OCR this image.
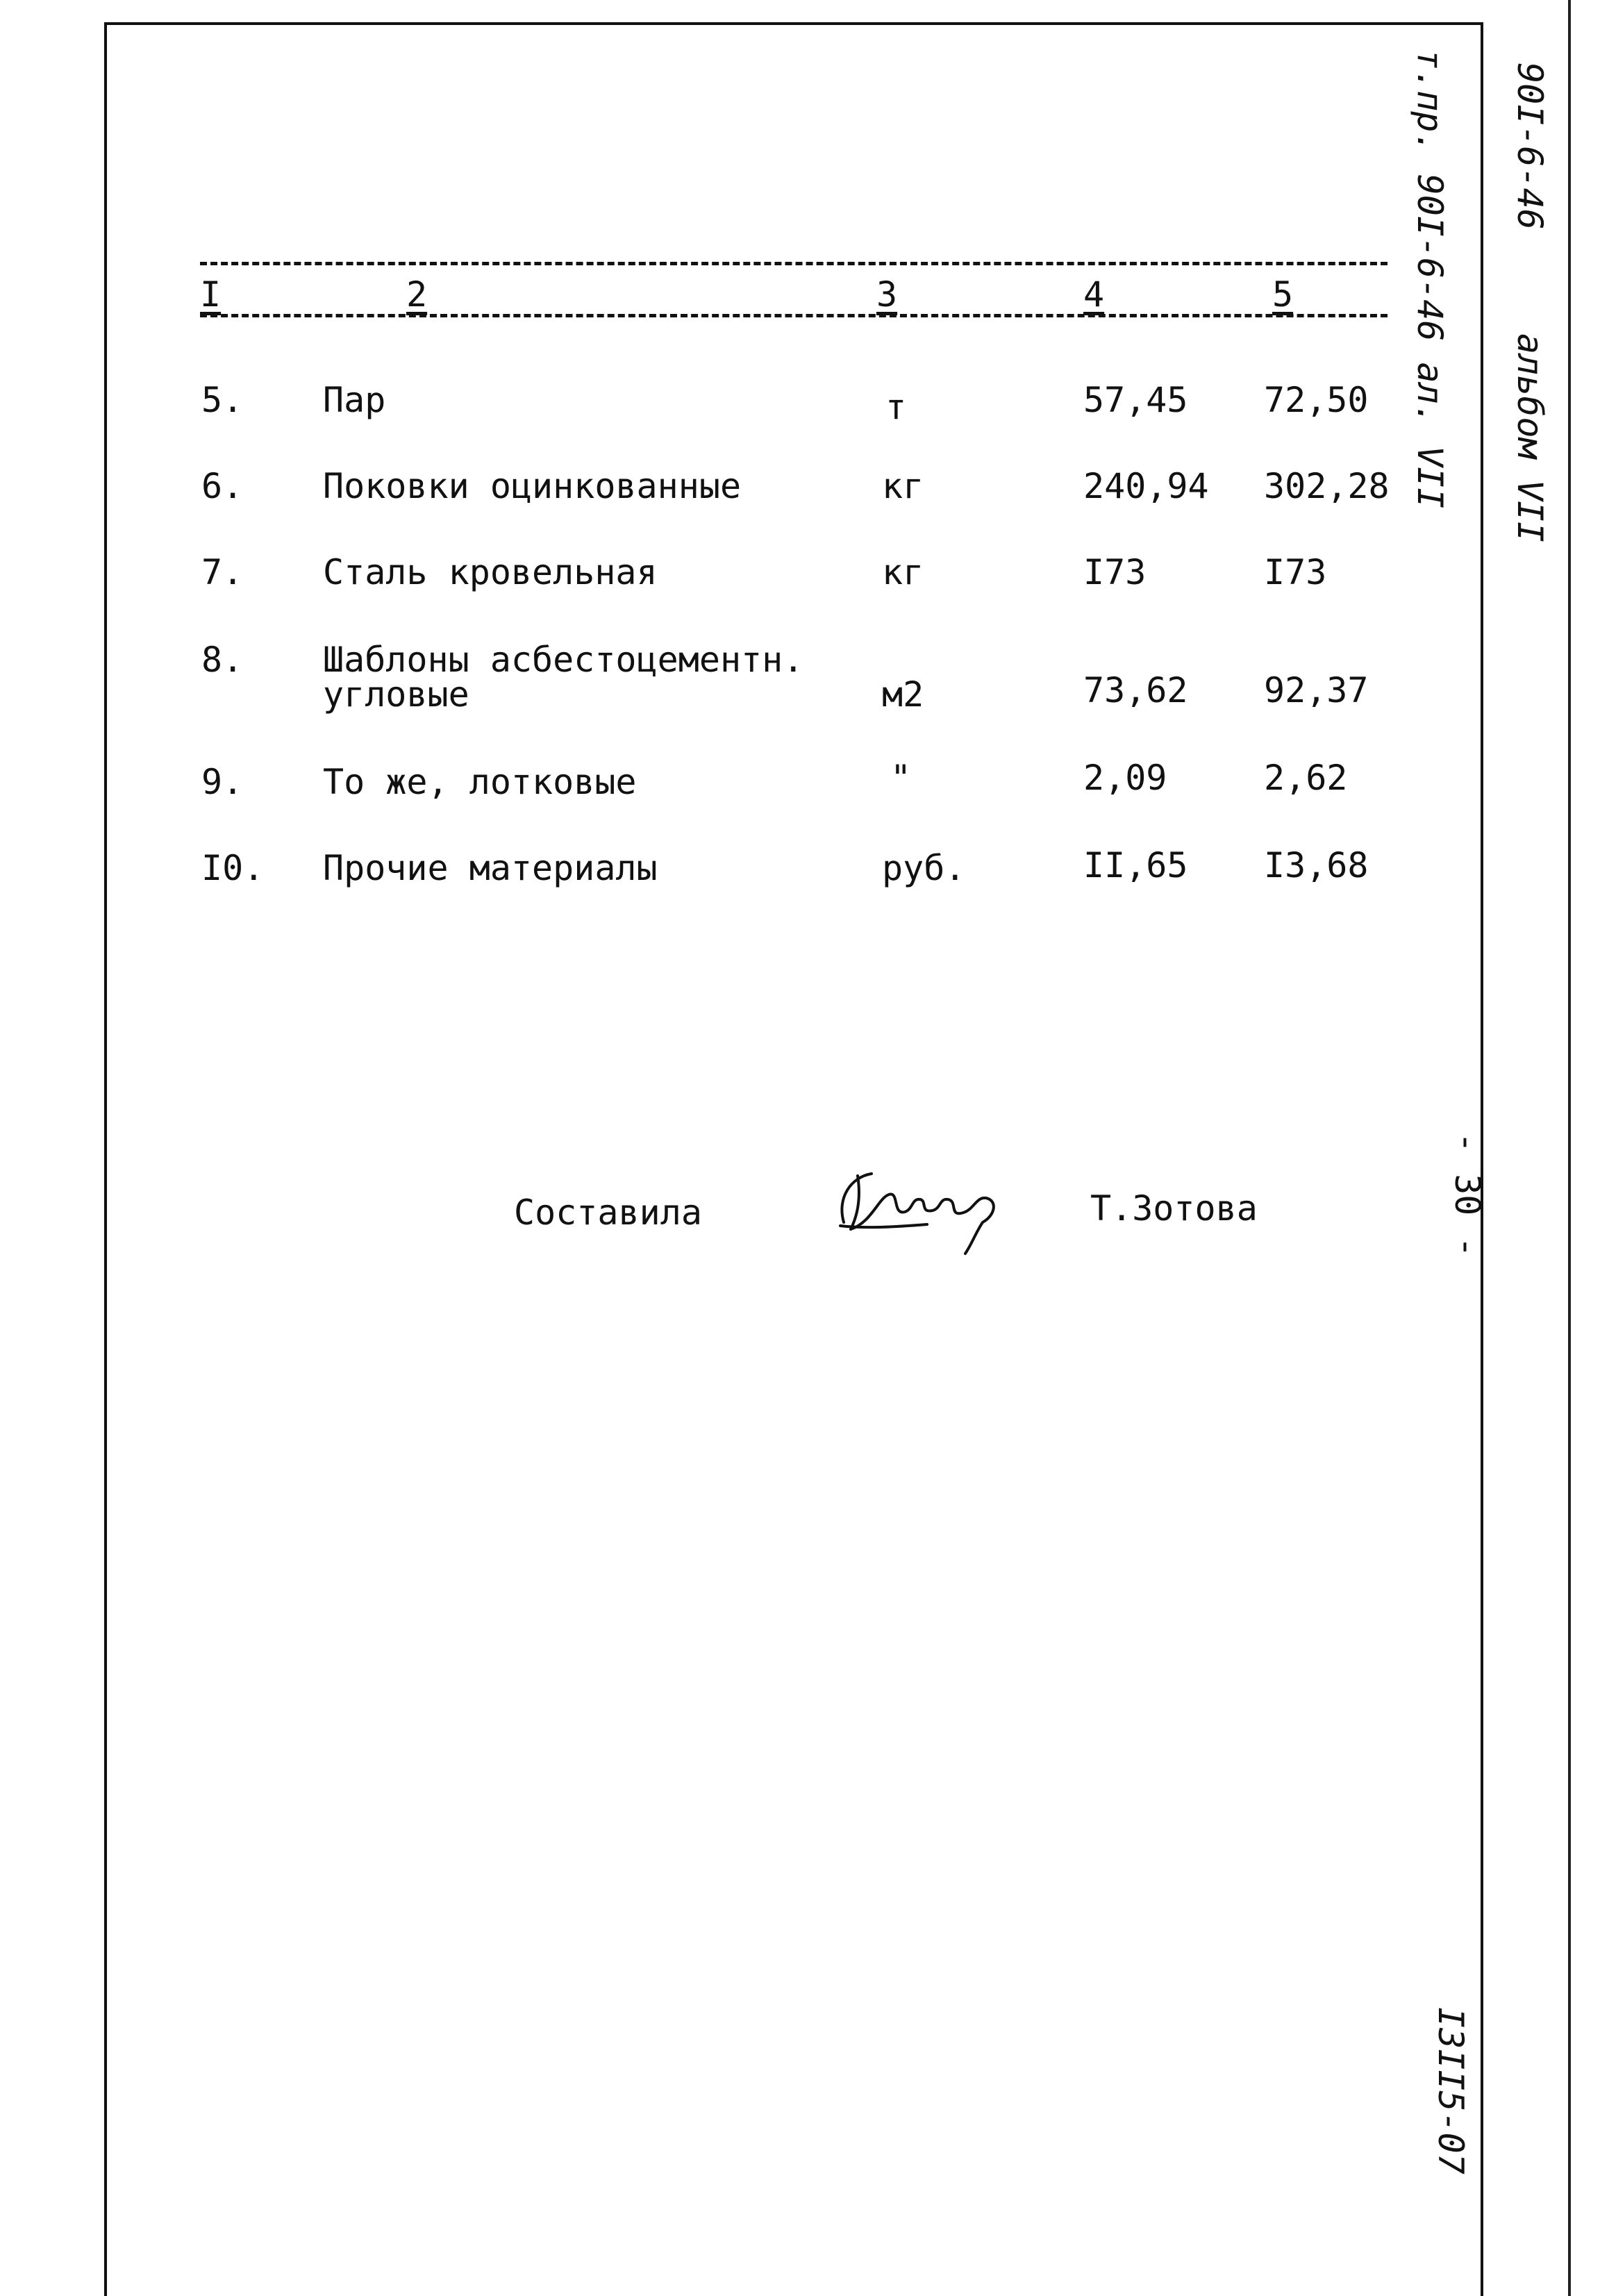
I	2	3	4	5
5. Пар	т	57,45 72,50
6. Поковки оцинкованные	кг	240,94 302,28
7. Сталь кровельная	кг	I73	I73
8. Шаблоны асбестоцементн.
угловые	м2	73,62 92,37
9. То же, лотковые	"	2,09	2,62
I0. Прочие материалы	руб.	II,65 I3,68
Составила	Т.Зотова
т.пр. 90I-6-46 ал. VII 90I-6-46
альбом VII
- 30 -
I3II5-07
